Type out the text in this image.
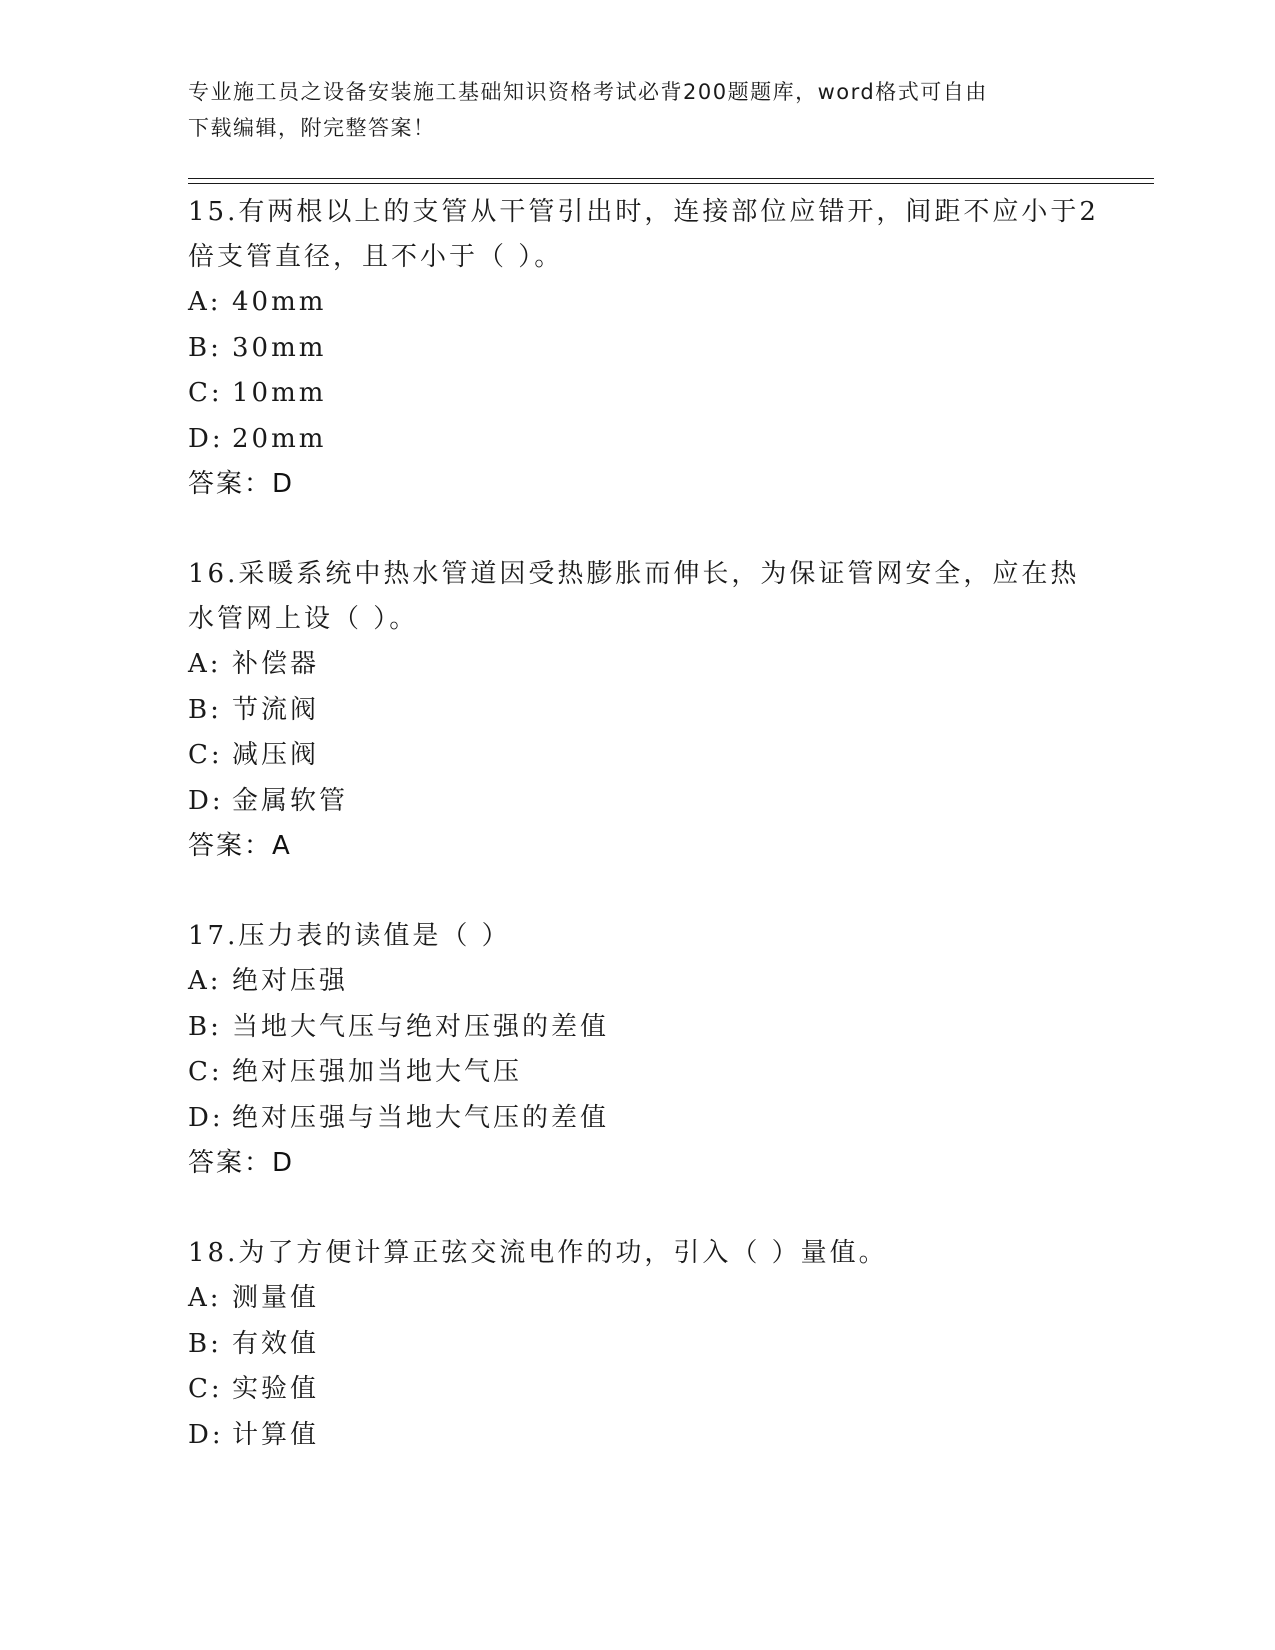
专业施工员之设备安装施工基础知识资格考试必背200题题库，word格式可自由
下载编辑，附完整答案！

15.有两根以上的支管从干管引出时，连接部位应错开，间距不应小于2倍支管直径，且不小于（ ）。

A: 40mm
B: 30mm
C: 10mm
D: 20mm
答案：D

16.采暖系统中热水管道因受热膨胀而伸长，为保证管网安全，应在热水管网上设（ ）。

A: 补偿器
B: 节流阀
C: 减压阀
D: 金属软管
答案：A

17.压力表的读值是（ ）

A: 绝对压强
B: 当地大气压与绝对压强的差值
C: 绝对压强加当地大气压
D: 绝对压强与当地大气压的差值
答案：D

18.为了方便计算正弦交流电作的功，引入（ ）量值。

A: 测量值
B: 有效值
C: 实验值
D: 计算值
